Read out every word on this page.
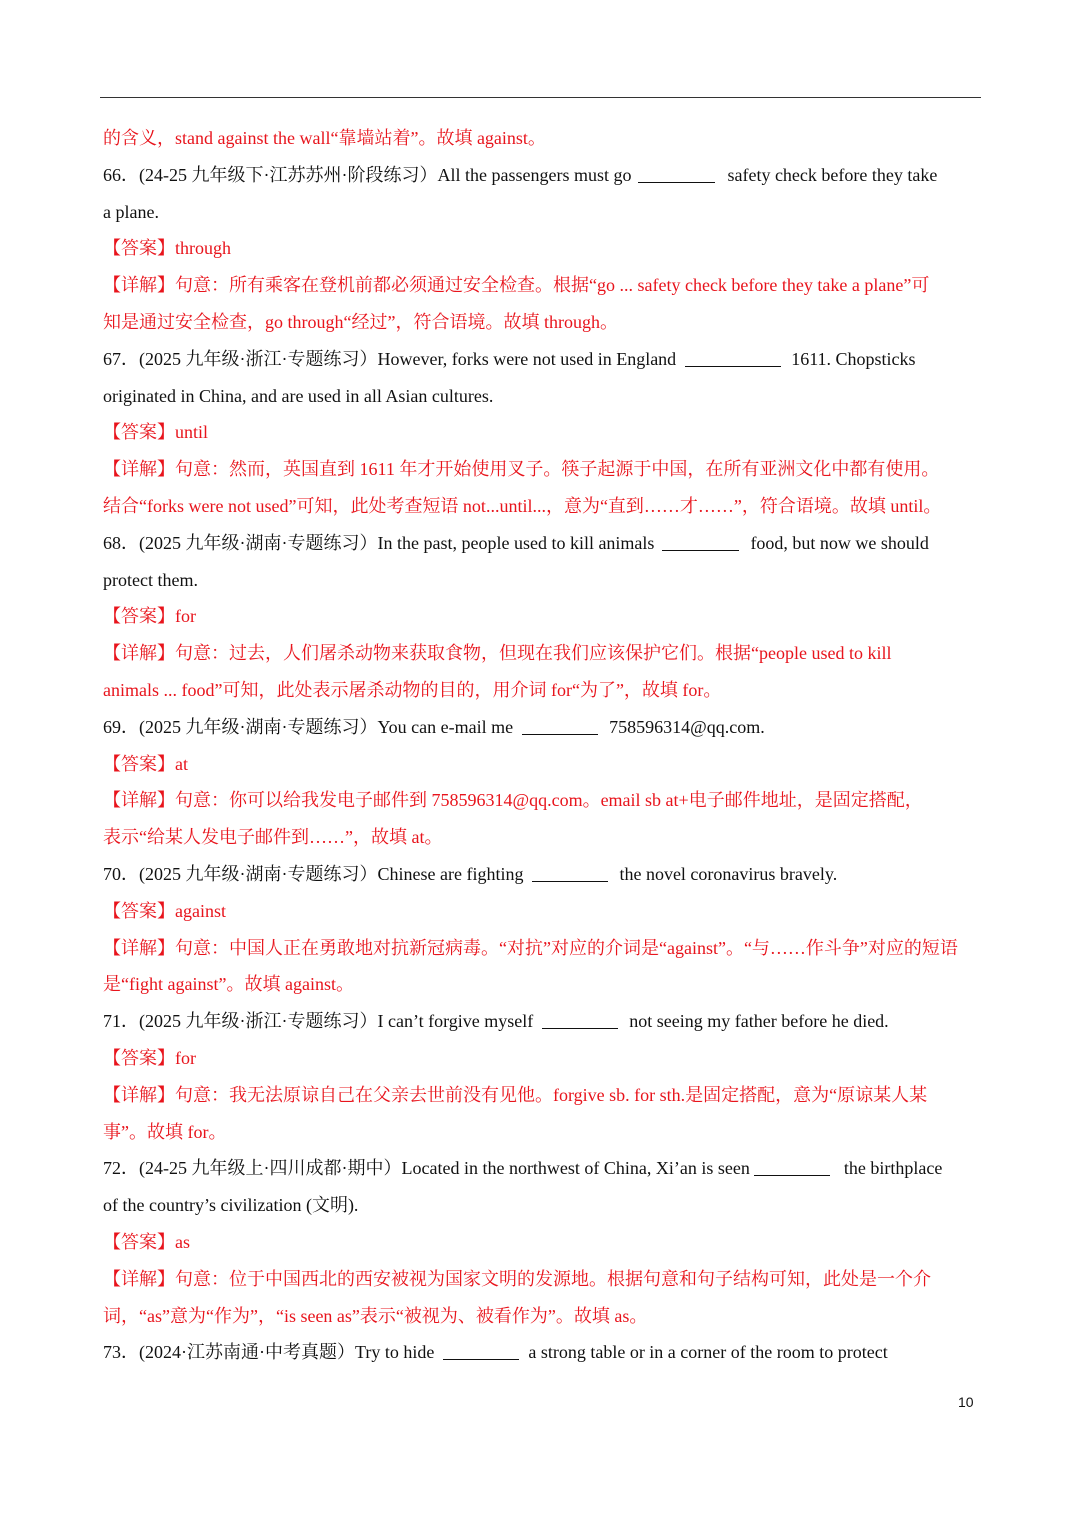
的含义，stand against the wall“靠墙站着”。故填 against。
66．(24-25 九年级下·江苏苏州·阶段练习）All the passengers must go	safety check before they take
a plane.
【答案】through
【详解】句意：所有乘客在登机前都必须通过安全检查。根据“go ... safety check before they take a plane”可
知是通过安全检查，go through“经过”，符合语境。故填 through。
67．(2025 九年级·浙江·专题练习）However, forks were not used in England	1611. Chopsticks
originated in China, and are used in all Asian cultures.
【答案】until
【详解】句意：然而，英国直到 1611 年才开始使用叉子。筷子起源于中国，在所有亚洲文化中都有使用。
结合“forks were not used”可知，此处考查短语 not...until...，意为“直到……才……”，符合语境。故填 until。
68．(2025 九年级·湖南·专题练习）In the past, people used to kill animals	food, but now we should
protect them.
【答案】for
【详解】句意：过去，人们屠杀动物来获取食物，但现在我们应该保护它们。根据“people used to kill
animals ... food”可知，此处表示屠杀动物的目的，用介词 for“为了”，故填 for。
69．(2025 九年级·湖南·专题练习）You can e-mail me	758596314@qq.com.
【答案】at
【详解】句意：你可以给我发电子邮件到 758596314@qq.com。email sb at+电子邮件地址，是固定搭配，
表示“给某人发电子邮件到……”，故填 at。
70．(2025 九年级·湖南·专题练习）Chinese are fighting	the novel coronavirus bravely.
【答案】against
【详解】句意：中国人正在勇敢地对抗新冠病毒。“对抗”对应的介词是“against”。“与……作斗争”对应的短语
是“fight against”。故填 against。
71．(2025 九年级·浙江·专题练习）I can’t forgive myself	not seeing my father before he died.
【答案】for
【详解】句意：我无法原谅自己在父亲去世前没有见他。forgive sb. for sth.是固定搭配，意为“原谅某人某
事”。故填 for。
72．(24-25 九年级上·四川成都·期中）Located in the northwest of China, Xi’an is seen	the birthplace
of the country’s civilization (文明).
【答案】as
【详解】句意：位于中国西北的西安被视为国家文明的发源地。根据句意和句子结构可知，此处是一个介
词，“as”意为“作为”，“is seen as”表示“被视为、被看作为”。故填 as。
73．(2024·江苏南通·中考真题）Try to hide	a strong table or in a corner of the room to protect
10
